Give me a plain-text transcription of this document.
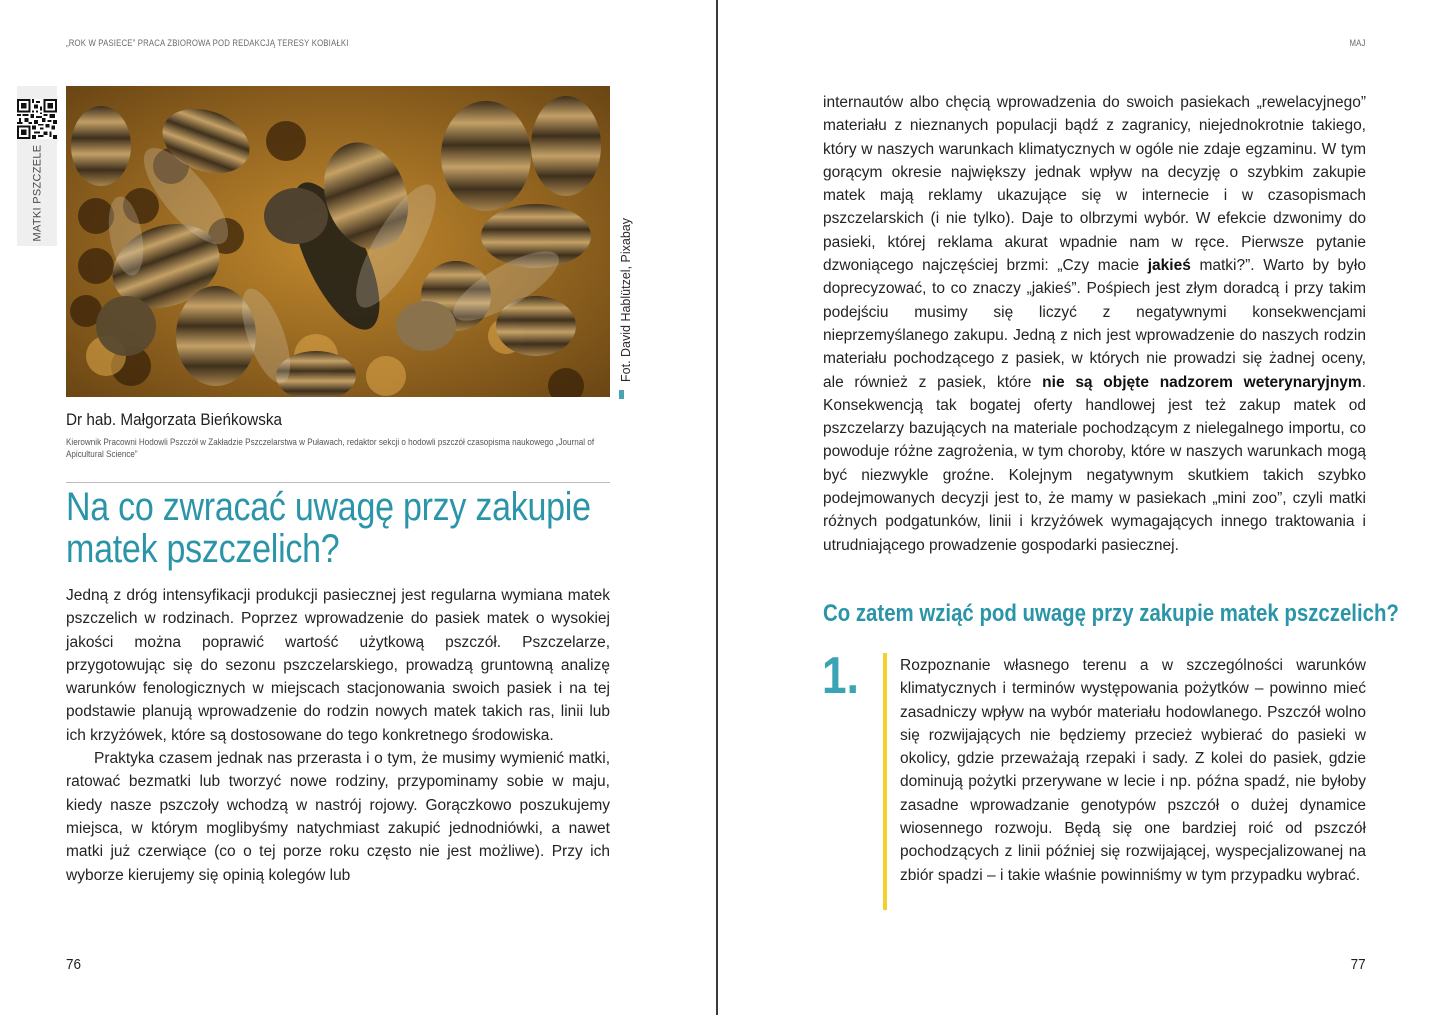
„ROK W PASIECE” PRACA ZBIOROWA POD REDAKCJĄ TERESY KOBIAŁKI
MATKI PSZCZELE
Fot. David Hablützel, Pixabay
Dr hab. Małgorzata Bieńkowska
Kierownik Pracowni Hodowli Pszczół w Zakładzie Pszczelarstwa w Puławach, redaktor sekcji o hodowli pszczół czasopisma naukowego „Journal of Apicultural Science”
Na co zwracać uwagę przy zakupie matek pszczelich?

Jedną z dróg intensyfikacji produkcji pasiecznej jest regularna wymiana matek pszczelich w rodzinach. Poprzez wprowadzenie do pasiek matek o wysokiej jakości można poprawić wartość użytkową pszczół. Pszczelarze, przygotowując się do sezonu pszczelarskiego, prowadzą gruntowną analizę warunków fenologicznych w miejscach stacjonowania swoich pasiek i na tej podstawie planują wprowadzenie do rodzin nowych matek takich ras, linii lub ich krzyżówek, które są dostosowane do tego konkretnego środowiska.

Praktyka czasem jednak nas przerasta i o tym, że musimy wymienić matki, ratować bezmatki lub tworzyć nowe rodziny, przypominamy sobie w maju, kiedy nasze pszczoły wchodzą w nastrój rojowy. Gorączkowo poszukujemy miejsca, w którym moglibyśmy natychmiast zakupić jednodniówki, a nawet matki już czerwiące (co o tej porze roku często nie jest możliwe). Przy ich wyborze kierujemy się opinią kolegów lub

76
MAJ

internautów albo chęcią wprowadzenia do swoich pasiekach „rewelacyjnego” materiału z nieznanych populacji bądź z zagranicy, niejednokrotnie takiego, który w naszych warunkach klimatycznych w ogóle nie zdaje egzaminu. W tym gorącym okresie największy jednak wpływ na decyzję o szybkim zakupie matek mają reklamy ukazujące się w internecie i w czasopismach pszczelarskich (i nie tylko). Daje to olbrzymi wybór. W efekcie dzwonimy do pasieki, której reklama akurat wpadnie nam w ręce. Pierwsze pytanie dzwoniącego najczęściej brzmi: „Czy macie jakieś matki?”. Warto by było doprecyzować, to co znaczy „jakieś”. Pośpiech jest złym doradcą i przy takim podejściu musimy się liczyć z negatywnymi konsekwencjami nieprzemyślanego zakupu. Jedną z nich jest wprowadzenie do naszych rodzin materiału pochodzącego z pasiek, w których nie prowadzi się żadnej oceny, ale również z pasiek, które nie są objęte nadzorem weterynaryjnym. Konsekwencją tak bogatej oferty handlowej jest też zakup matek od pszczelarzy bazujących na materiale pochodzącym z nielegalnego importu, co powoduje różne zagrożenia, w tym choroby, które w naszych warunkach mogą być niezwykle groźne. Kolejnym negatywnym skutkiem takich szybko podejmowanych decyzji jest to, że mamy w pasiekach „mini zoo”, czyli matki różnych podgatunków, linii i krzyżówek wymagających innego traktowania i utrudniającego prowadzenie gospodarki pasiecznej.

Co zatem wziąć pod uwagę przy zakupie matek pszczelich?
1.	Rozpoznanie własnego terenu a w szczególności warunków klimatycznych i terminów występowania pożytków – powinno mieć zasadniczy wpływ na wybór materiału hodowlanego. Pszczół wolno się rozwijających nie będziemy przecież wybierać do pasieki w okolicy, gdzie przeważają rzepaki i sady. Z kolei do pasiek, gdzie dominują pożytki przerywane w lecie i np. późna spadź, nie byłoby zasadne wprowadzanie genotypów pszczół o dużej dynamice wiosennego rozwoju. Będą się one bardziej roić od pszczół pochodzących z linii później się rozwijającej, wyspecjalizowanej na zbiór spadzi – i takie właśnie powinniśmy w tym przypadku wybrać.
77
